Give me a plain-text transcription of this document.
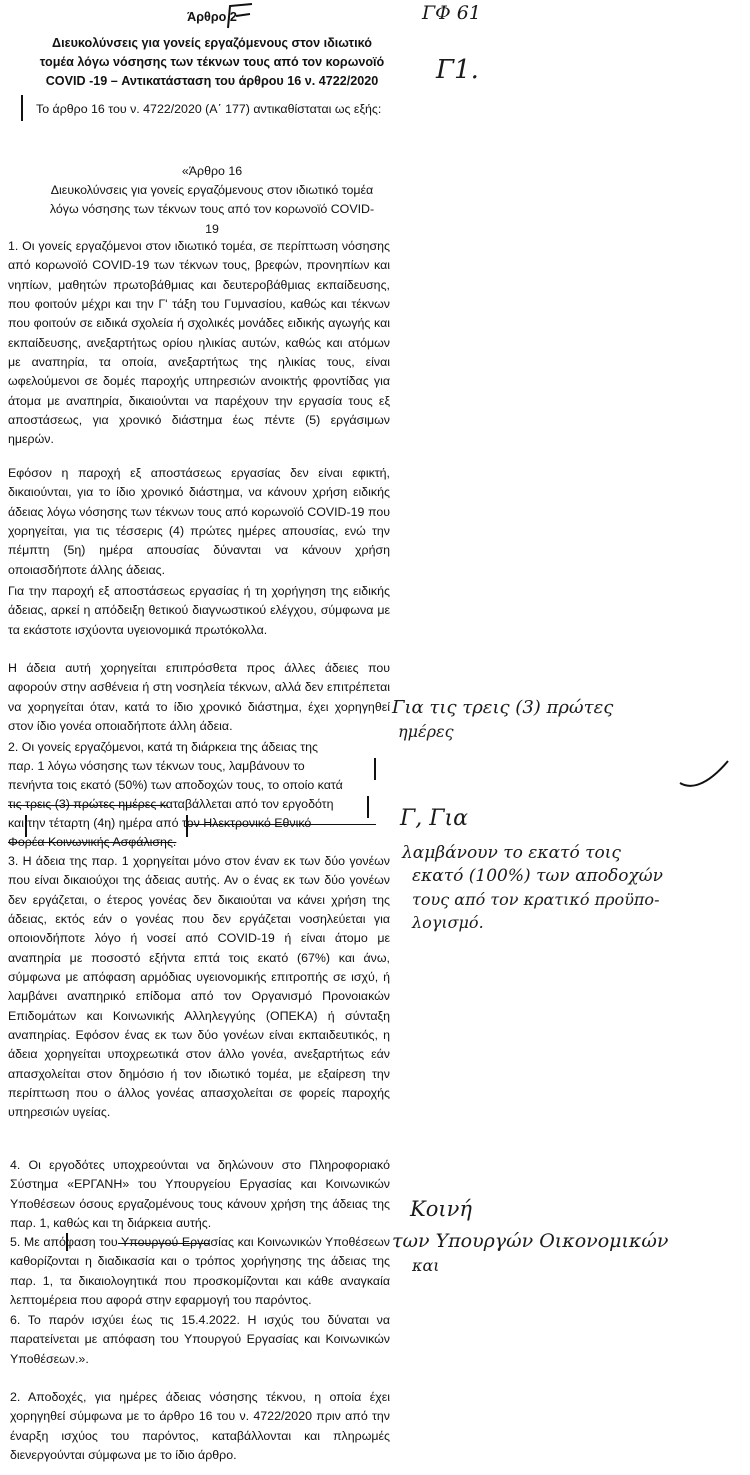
Άρθρο 2
Διευκολύνσεις για γονείς εργαζόμενους στον ιδιωτικό
τομέα λόγω νόσησης των τέκνων τους από τον κορωνοϊό
COVID -19 – Αντικατάσταση του άρθρου 16 ν. 4722/2020
Το άρθρο 16 του ν. 4722/2020 (Α΄ 177) αντικαθίσταται ως εξής:
«Άρθρο 16
Διευκολύνσεις για γονείς εργαζόμενους στον ιδιωτικό τομέα λόγω νόσησης των τέκνων τους από τον κορωνοϊό COVID-19
1. Οι γονείς εργαζόμενοι στον ιδιωτικό τομέα, σε περίπτωση νόσησης από κορωνοϊό COVID-19 των τέκνων τους, βρεφών, προνηπίων και νηπίων, μαθητών πρωτοβάθμιας και δευτεροβάθμιας εκπαίδευσης, που φοιτούν μέχρι και την Γ' τάξη του Γυμνασίου, καθώς και τέκνων που φοιτούν σε ειδικά σχολεία ή σχολικές μονάδες ειδικής αγωγής και εκπαίδευσης, ανεξαρτήτως ορίου ηλικίας αυτών, καθώς και ατόμων με αναπηρία, τα οποία, ανεξαρτήτως της ηλικίας τους, είναι ωφελούμενοι σε δομές παροχής υπηρεσιών ανοικτής φροντίδας για άτομα με αναπηρία, δικαιούνται να παρέχουν την εργασία τους εξ αποστάσεως, για χρονικό διάστημα έως πέντε (5) εργάσιμων ημερών.
Εφόσον η παροχή εξ αποστάσεως εργασίας δεν είναι εφικτή, δικαιούνται, για το ίδιο χρονικό διάστημα, να κάνουν χρήση ειδικής άδειας λόγω νόσησης των τέκνων τους από κορωνοϊό COVID-19 που χορηγείται, για τις τέσσερις (4) πρώτες ημέρες απουσίας, ενώ την πέμπτη (5η) ημέρα απουσίας δύνανται να κάνουν χρήση οποιασδήποτε άλλης άδειας.
Για την παροχή εξ αποστάσεως εργασίας ή τη χορήγηση της ειδικής άδειας, αρκεί η απόδειξη θετικού διαγνωστικού ελέγχου, σύμφωνα με τα εκάστοτε ισχύοντα υγειονομικά πρωτόκολλα.
Η άδεια αυτή χορηγείται επιπρόσθετα προς άλλες άδειες που αφορούν στην ασθένεια ή στη νοσηλεία τέκνων, αλλά δεν επιτρέπεται να χορηγείται όταν, κατά το ίδιο χρονικό διάστημα, έχει χορηγηθεί στον ίδιο γονέα οποιαδήποτε άλλη άδεια.
2. Οι γονείς εργαζόμενοι, κατά τη διάρκεια της άδειας της
παρ. 1 λόγω νόσησης των τέκνων τους, λαμβάνουν το
πενήντα τοις εκατό (50%) των αποδοχών τους, το οποίο κατά
τις τρεις (3) πρώτες ημέρες καταβάλλεται από τον εργοδότη
και την τέταρτη (4η) ημέρα από τον Ηλεκτρονικό Εθνικό
Φορέα Κοινωνικής Ασφάλισης.
3. Η άδεια της παρ. 1 χορηγείται μόνο στον έναν εκ των δύο γονέων που είναι δικαιούχοι της άδειας αυτής. Αν ο ένας εκ των δύο γονέων δεν εργάζεται, ο έτερος γονέας δεν δικαιούται να κάνει χρήση της άδειας, εκτός εάν ο γονέας που δεν εργάζεται νοσηλεύεται για οποιονδήποτε λόγο ή νοσεί από COVID-19 ή είναι άτομο με αναπηρία με ποσοστό εξήντα επτά τοις εκατό (67%) και άνω, σύμφωνα με απόφαση αρμόδιας υγειονομικής επιτροπής σε ισχύ, ή λαμβάνει αναπηρικό επίδομα από τον Οργανισμό Προνοιακών Επιδομάτων και Κοινωνικής Αλληλεγγύης (ΟΠΕΚΑ) ή σύνταξη αναπηρίας. Εφόσον ένας εκ των δύο γονέων είναι εκπαιδευτικός, η άδεια χορηγείται υποχρεωτικά στον άλλο γονέα, ανεξαρτήτως εάν απασχολείται στον δημόσιο ή τον ιδιωτικό τομέα, με εξαίρεση την περίπτωση που ο άλλος γονέας απασχολείται σε φορείς παροχής υπηρεσιών υγείας.
4. Οι εργοδότες υποχρεούνται να δηλώνουν στο Πληροφοριακό Σύστημα «ΕΡΓΑΝΗ» του Υπουργείου Εργασίας και Κοινωνικών Υποθέσεων όσους εργαζομένους τους κάνουν χρήση της άδειας της παρ. 1, καθώς και τη διάρκεια αυτής.
5. Με απόφαση του Υπουργού Εργασίας και Κοινωνικών Υποθέσεων καθορίζονται η διαδικασία και ο τρόπος χορήγησης της άδειας της παρ. 1, τα δικαιολογητικά που προσκομίζονται και κάθε αναγκαία λεπτομέρεια που αφορά στην εφαρμογή του παρόντος.
6. Το παρόν ισχύει έως τις 15.4.2022. Η ισχύς του δύναται να παρατείνεται με απόφαση του Υπουργού Εργασίας και Κοινωνικών Υποθέσεων.».
2. Αποδοχές, για ημέρες άδειας νόσησης τέκνου, η οποία έχει χορηγηθεί σύμφωνα με το άρθρο 16 του ν. 4722/2020 πριν από την έναρξη ισχύος του παρόντος, καταβάλλονται και πληρωμές διενεργούνται σύμφωνα με το ίδιο άρθρο.
ΓΦ 61
Γ1.
Για τις τρεις (3) πρώτες
ημέρες
Γ, Για
λαμβάνουν το εκατό τοις
εκατό (100%) των αποδοχών
τους από τον κρατικό προϋπο-
λογισμό.
Κοινή
των Υπουργών Οικονομικών
και
